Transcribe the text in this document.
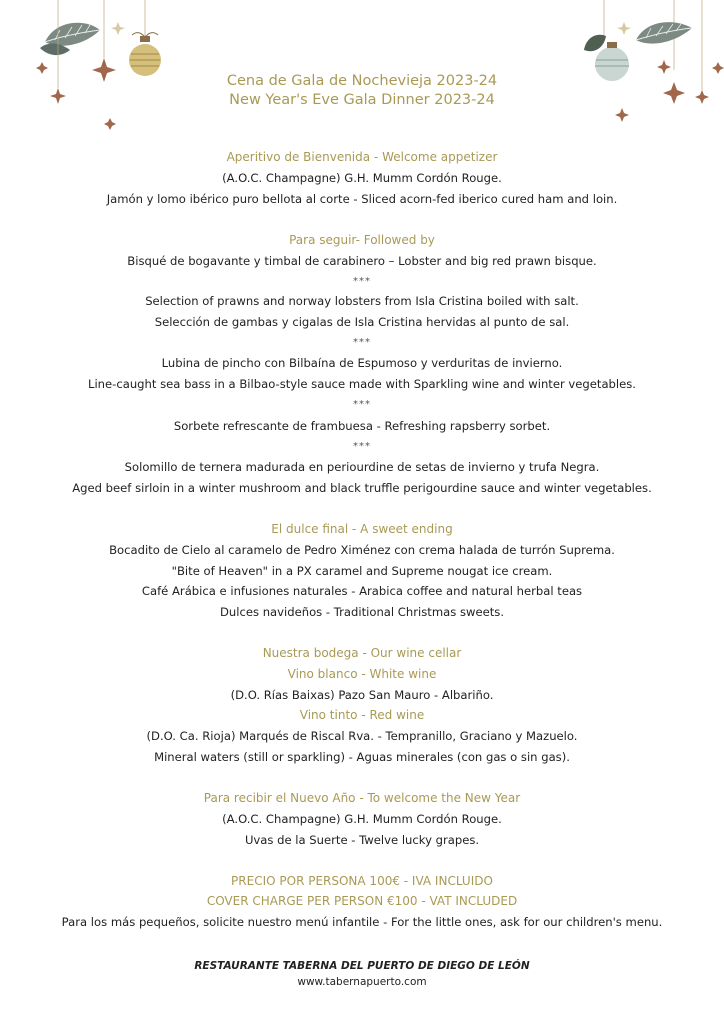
Cena de Gala de Nochevieja 2023-24
New Year's Eve Gala Dinner 2023-24
Aperitivo de Bienvenida - Welcome appetizer
(A.O.C. Champagne) G.H. Mumm Cordón Rouge.
Jamón y lomo ibérico puro bellota al corte - Sliced acorn-fed iberico cured ham and loin.
Para seguir- Followed by
Bisqué de bogavante y timbal de carabinero – Lobster and big red prawn bisque.
***
Selection of prawns and norway lobsters from Isla Cristina boiled with salt.
Selección de gambas y cigalas de Isla Cristina hervidas al punto de sal.
***
Lubina de pincho con Bilbaína de Espumoso y verduritas de invierno.
Line-caught sea bass in a Bilbao-style sauce made with Sparkling wine and winter vegetables.
***
Sorbete refrescante de frambuesa - Refreshing rapsberry sorbet.
***
Solomillo de ternera madurada en periourdine de setas de invierno y trufa Negra.
Aged beef sirloin in a winter mushroom and black truffle perigourdine sauce and winter vegetables.
El dulce final - A sweet ending
Bocadito de Cielo al caramelo de Pedro Ximénez con crema halada de turrón Suprema.
"Bite of Heaven" in a PX caramel and Supreme nougat ice cream.
Café Arábica e infusiones naturales - Arabica coffee and natural herbal teas
Dulces navideños - Traditional Christmas sweets.
Nuestra bodega - Our wine cellar
Vino blanco - White wine
(D.O. Rías Baixas) Pazo San Mauro - Albariño.
Vino tinto - Red wine
(D.O. Ca. Rioja) Marqués de Riscal Rva. - Tempranillo, Graciano y Mazuelo.
Mineral waters (still or sparkling) - Aguas minerales (con gas o sin gas).
Para recibir el Nuevo Año - To welcome the New Year
(A.O.C. Champagne) G.H. Mumm Cordón Rouge.
Uvas de la Suerte - Twelve lucky grapes.
PRECIO POR PERSONA 100€ - IVA INCLUIDO
COVER CHARGE PER PERSON €100 - VAT INCLUDED
Para los más pequeños, solicite nuestro menú infantile - For the little ones, ask for our children's menu.
RESTAURANTE TABERNA DEL PUERTO DE DIEGO DE LEÓN
www.tabernapuerto.com
